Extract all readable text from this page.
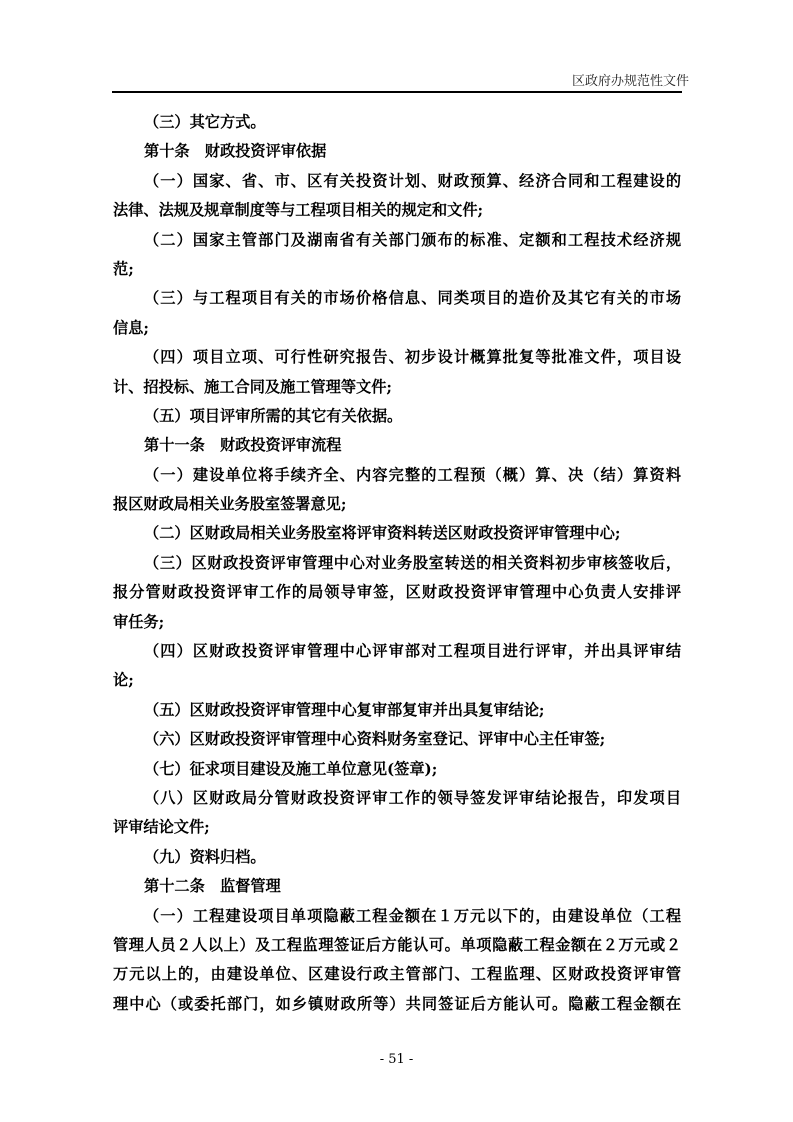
区政府办规范性文件
（三）其它方式。
第十条　财政投资评审依据
（一）国家、省、市、区有关投资计划、财政预算、经济合同和工程建设的
法律、法规及规章制度等与工程项目相关的规定和文件;
（二）国家主管部门及湖南省有关部门颁布的标准、定额和工程技术经济规
范;
（三）与工程项目有关的市场价格信息、同类项目的造价及其它有关的市场
信息;
（四）项目立项、可行性研究报告、初步设计概算批复等批准文件，项目设
计、招投标、施工合同及施工管理等文件;
（五）项目评审所需的其它有关依据。
第十一条　财政投资评审流程
（一）建设单位将手续齐全、内容完整的工程预（概）算、决（结）算资料
报区财政局相关业务股室签署意见;
（二）区财政局相关业务股室将评审资料转送区财政投资评审管理中心;
（三）区财政投资评审管理中心对业务股室转送的相关资料初步审核签收后，
报分管财政投资评审工作的局领导审签，区财政投资评审管理中心负责人安排评
审任务;
（四）区财政投资评审管理中心评审部对工程项目进行评审，并出具评审结
论;
（五）区财政投资评审管理中心复审部复审并出具复审结论;
（六）区财政投资评审管理中心资料财务室登记、评审中心主任审签;
（七）征求项目建设及施工单位意见(签章);
（八）区财政局分管财政投资评审工作的领导签发评审结论报告，印发项目
评审结论文件;
（九）资料归档。
第十二条　监督管理
（一）工程建设项目单项隐蔽工程金额在１万元以下的，由建设单位（工程
管理人员２人以上）及工程监理签证后方能认可。单项隐蔽工程金额在２万元或２
万元以上的，由建设单位、区建设行政主管部门、工程监理、区财政投资评审管
理中心（或委托部门，如乡镇财政所等）共同签证后方能认可。隐蔽工程金额在
- 51 -
